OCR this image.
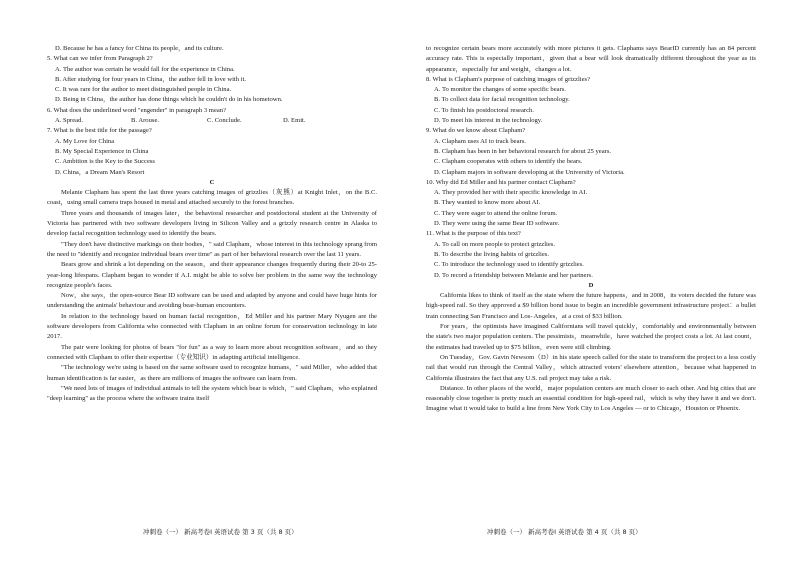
D. Because he has a fancy for China its people，and its culture.
5. What can we infer from Paragraph 2?
A. The author was certain he would fall for the experience in China.
B. After studying for four years in China，the author fell in love with it.
C. It was rare for the author to meet distinguished people in China.
D. Being in China，the author has done things which he couldn't do in his hometown.
6. What does the underlined word "engender" in paragraph 3 mean?
A. Spread.	B. Arouse.	C. Conclude.	D. Emit.
7. What is the best title for the passage?
A. My Love for China
B. My Special Experience in China
C. Ambition is the Key to the Success
D. China，a Dream Man's Resort
C

Melanie Clapham has spent the last three years catching images of grizzlies（灰熊）at Knight Inlet，on the B.C. coast，using small camera traps housed in metal and attached securely to the forest branches.

Three years and thousands of images later，the behavioral researcher and postdoctoral student at the University of Victoria has partnered with two software developers living in Silicon Valley and a grizzly research centre in Alaska to develop facial recognition technology used to identify the bears.

"They don't have distinctive markings on their bodies，" said Clapham，whose interest in this technology sprang from the need to "identify and recognize individual bears over time" as part of her behavioral research over the last 11 years.

Bears grow and shrink a lot depending on the season，and their appearance changes frequently during their 20-to 25-year-long lifespans. Clapham began to wonder if A.I. might be able to solve her problem in the same way the technology recognize people's faces.

Now，she says，the open-source Bear ID software can be used and adapted by anyone and could have huge hints for understanding the animals' behaviour and avoiding bear-human encounters.

In relation to the technology based on human facial recognition，Ed Miller and his partner Mary Nyugen are the software developers from California who connected with Clapham in an online forum for conservation technology in late 2017.

The pair were looking for photos of bears "for fun" as a way to learn more about recognition software，and so they connected with Clapham to offer their expertise（专业知识）in adapting artificial intelligence.

"The technology we're using is based on the same software used to recognize humans，" said Miller，who added that human identification is far easier，as there are millions of images the software can learn from.

"We need lots of images of individual animals to tell the system which bear is which，" said Clapham，who explained "deep learning" as the process where the software trains itself

to recognize certain bears more accurately with more pictures it gets. Claphams says BearID currently has an 84 percent accuracy rate. This is especially important，given that a bear will look dramatically different throughout the year as its appearance，especially fur and weight，changes a lot.

8. What is Clapham's purpose of catching images of grizzlies?
A. To monitor the changes of some specific bears.
B. To collect data for facial recognition technology.
C. To finish his postdoctoral research.
D. To meet his interest in the technology.
9. What do we know about Clapham?
A. Clapham uses AI to track bears.
B. Clapham has been in her behavioral research for about 25 years.
C. Clapham cooperates with others to identify the bears.
D. Clapham majors in software developing at the University of Victoria.
10. Why did Ed Miller and his partner contact Clapham?
A. They provided her with their specific knowledge in AI.
B. They wanted to know more about AI.
C. They were eager to attend the online forum.
D. They were using the same Bear ID software.
11. What is the purpose of this text?
A. To call on more people to protect grizzlies.
B. To describe the living habits of grizzlies.
C. To introduce the technology used to identify grizzlies.
D. To record a friendship between Melanie and her partners.
D

California likes to think of itself as the state where the future happens，and in 2008，its voters decided the future was high-speed rail. So they approved a $9 billion bond issue to begin an incredible government infrastructure project：a bullet train connecting San Francisco and Los- Angeles，at a cost of $33 billion.

For years，the optimists have imagined Californians will travel quickly，comfortably and environmentally between the state's two major population centers. The pessimists，meanwhile，have watched the project costs a lot. At last count，the estimates had traveled up to $75 billion，even were still climbing.

On Tuesday，Gov. Gavin Newsom（D）in his state speech called for the state to transform the project to a less costly rail that would run through the Central Valley，which attracted voters' elsewhere attention，because what happened in California illustrates the fact that any U.S. rail project may take a risk.

Distance. In other places of the world，major population centers are much closer to each other. And big cities that are reasonably close together is pretty much an essential condition for high-speed rail，which is why they have it and we don't. Imagine what it would take to build a line from New York City to Los Angeles — or to Chicago，Houston or Phoenix.

冲刺卷（一） 新高考卷Ⅰ 英语试卷 第 3 页（共 8 页）	冲刺卷（一） 新高考卷Ⅰ 英语试卷 第 4 页（共 8 页）
